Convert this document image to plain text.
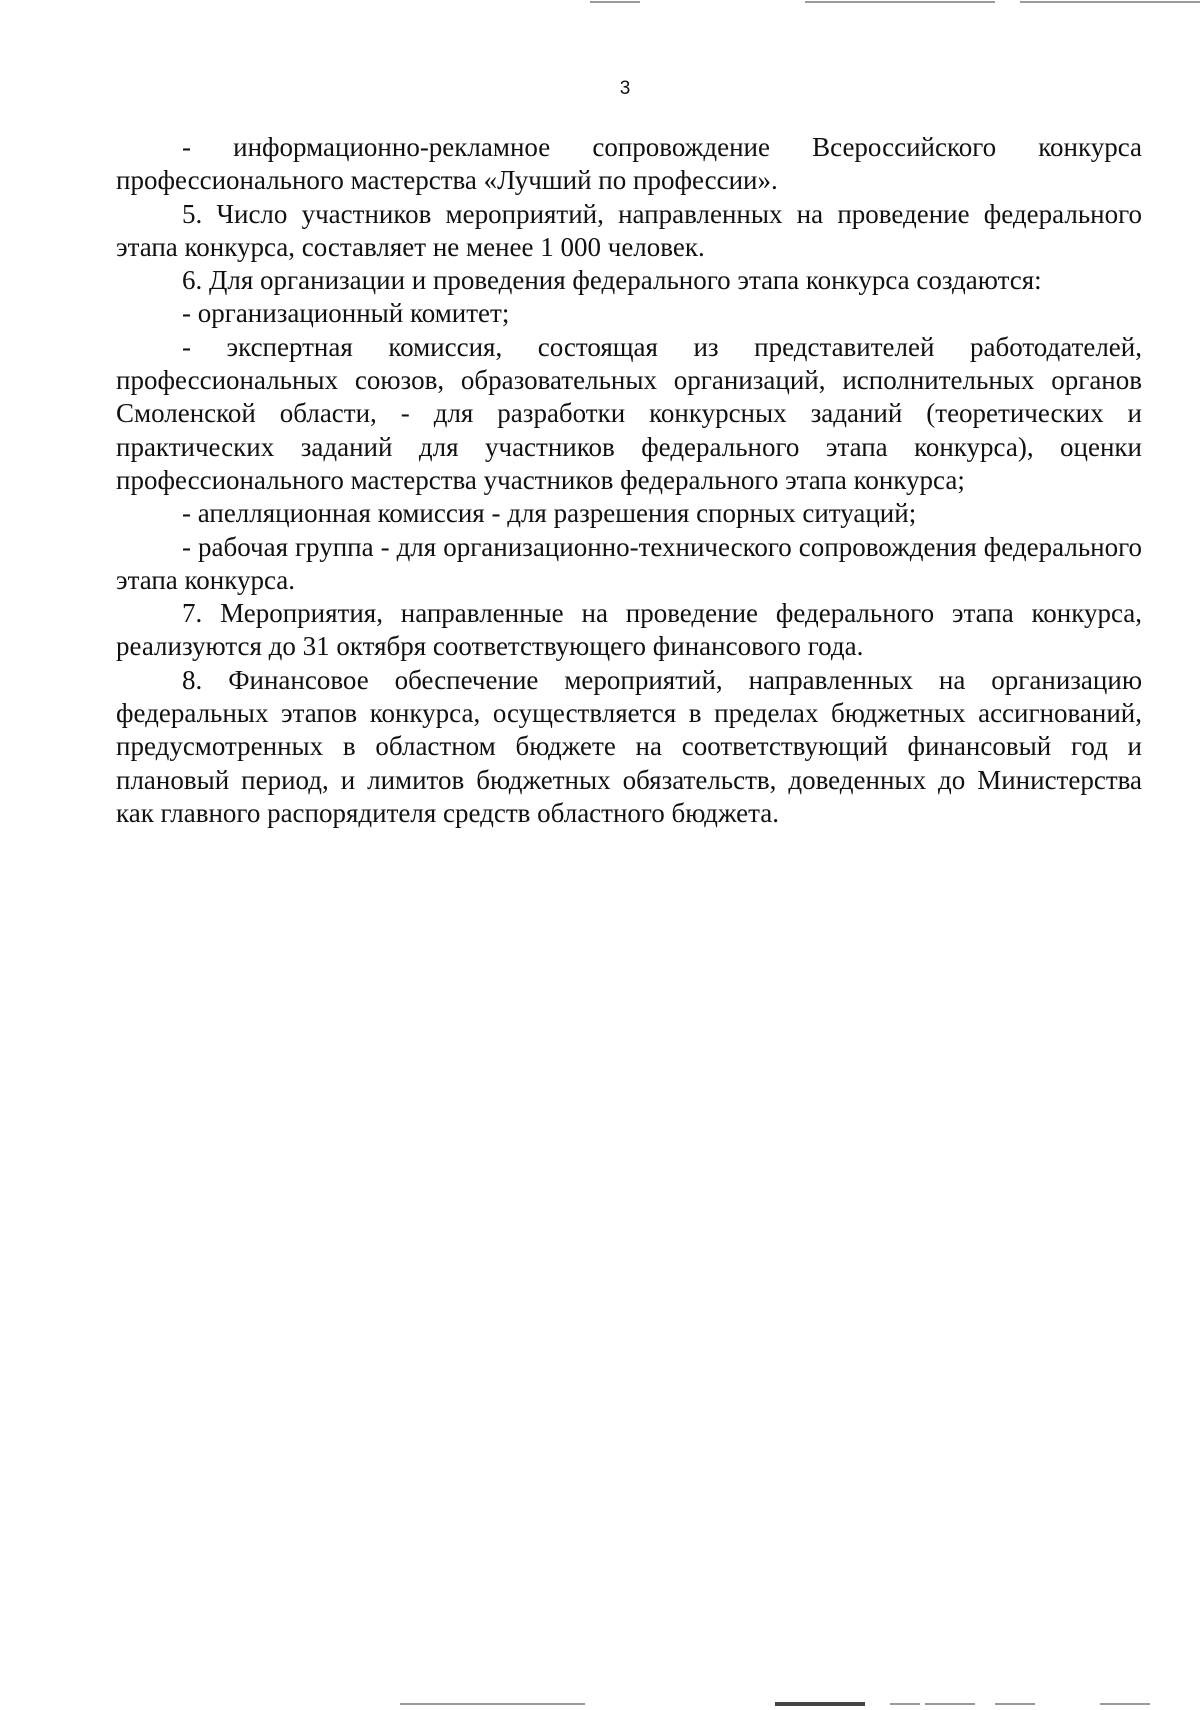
3

- информационно-рекламное сопровождение Всероссийского конкурса профессионального мастерства «Лучший по профессии».

5. Число участников мероприятий, направленных на проведение федерального этапа конкурса, составляет не менее 1 000 человек.

6. Для организации и проведения федерального этапа конкурса создаются:

- организационный комитет;

- экспертная комиссия, состоящая из представителей работодателей, профессиональных союзов, образовательных организаций, исполнительных органов Смоленской области, - для разработки конкурсных заданий (теоретических и практических заданий для участников федерального этапа конкурса), оценки профессионального мастерства участников федерального этапа конкурса;

- апелляционная комиссия - для разрешения спорных ситуаций;

- рабочая группа - для организационно-технического сопровождения федерального этапа конкурса.

7. Мероприятия, направленные на проведение федерального этапа конкурса, реализуются до 31 октября соответствующего финансового года.

8. Финансовое обеспечение мероприятий, направленных на организацию федеральных этапов конкурса, осуществляется в пределах бюджетных ассигнований, предусмотренных в областном бюджете на соответствующий финансовый год и плановый период, и лимитов бюджетных обязательств, доведенных до Министерства как главного распорядителя средств областного бюджета.
